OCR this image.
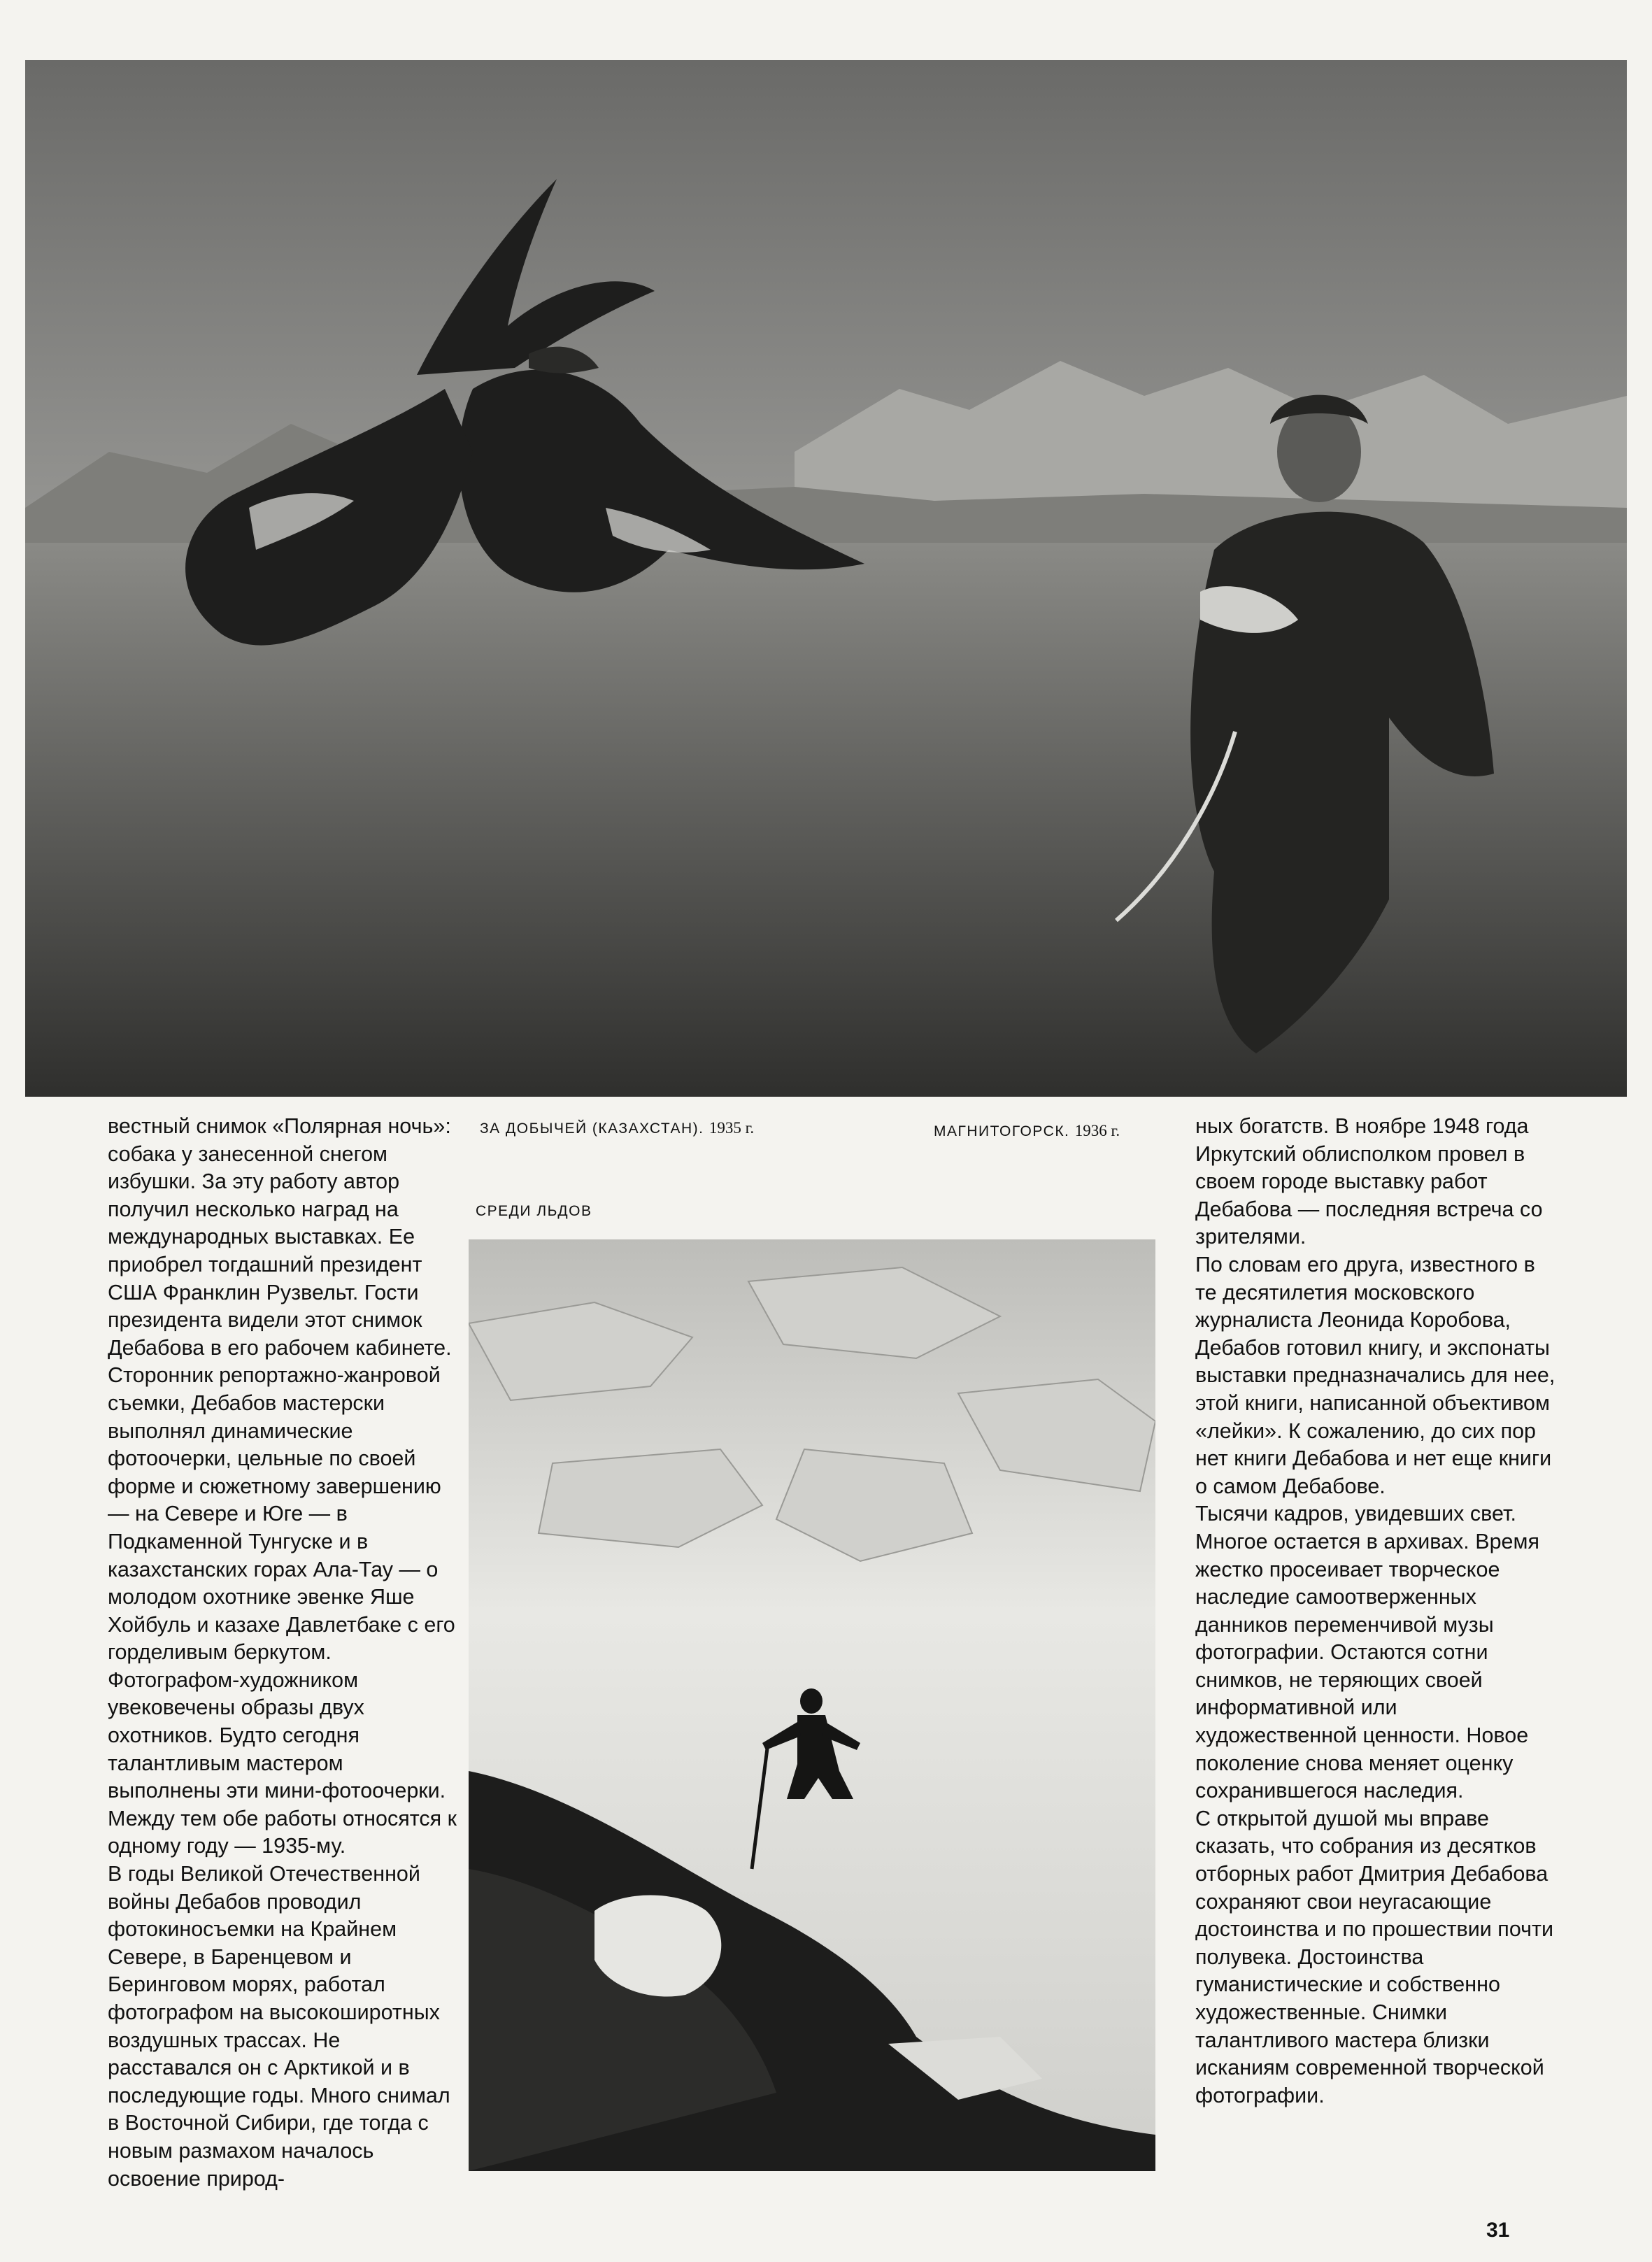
ЗА ДОБЫЧЕЙ (КАЗАХСТАН). 1935 г.	МАГНИТОГОРСК. 1936 г.
СРЕДИ ЛЬДОВ

вестный снимок «Полярная ночь»: собака у занесенной снегом избушки. За эту работу автор получил несколько наград на международных выставках. Ее приобрел тогдашний президент США Франклин Рузвельт. Гости президента видели этот снимок Дебабова в его рабочем кабинете.

Сторонник репортажно-жанровой съемки, Дебабов мастерски выполнял динамические фотоочерки, цельные по своей форме и сюжетному завершению — на Севере и Юге — в Подкаменной Тунгуске и в казахстанских горах Ала-Тау — о молодом охотнике эвенке Яше Хойбуль и казахе Давлетбаке с его горделивым беркутом. Фотографом-художником увековечены образы двух охотников. Будто сегодня талантливым мастером выполнены эти мини-фотоочерки. Между тем обе работы относятся к одному году — 1935-му.

В годы Великой Отечественной войны Дебабов проводил фотокиносъемки на Крайнем Севере, в Баренцевом и Беринговом морях, работал фотографом на высокоширотных воздушных трассах. Не расставался он с Арктикой и в последующие годы. Много снимал в Восточной Сибири, где тогда с новым размахом началось освоение природ-

ных богатств. В ноябре 1948 года Иркутский облисполком провел в своем городе выставку работ Дебабова — последняя встреча со зрителями.

По словам его друга, известного в те десятилетия московского журналиста Леонида Коробова, Дебабов готовил книгу, и экспонаты выставки предназначались для нее, этой книги, написанной объективом «лейки». К сожалению, до сих пор нет книги Дебабова и нет еще книги о самом Дебабове.

Тысячи кадров, увидевших свет. Многое остается в архивах. Время жестко просеивает творческое наследие самоотверженных данников переменчивой музы фотографии. Остаются сотни снимков, не теряющих своей информативной или художественной ценности. Новое поколение снова меняет оценку сохранившегося наследия.

С открытой душой мы вправе сказать, что собрания из десятков отборных работ Дмитрия Дебабова сохраняют свои неугасающие достоинства и по прошествии почти полувека. Достоинства гуманистические и собственно художественные. Снимки талантливого мастера близки исканиям современной творческой фотографии.

31
